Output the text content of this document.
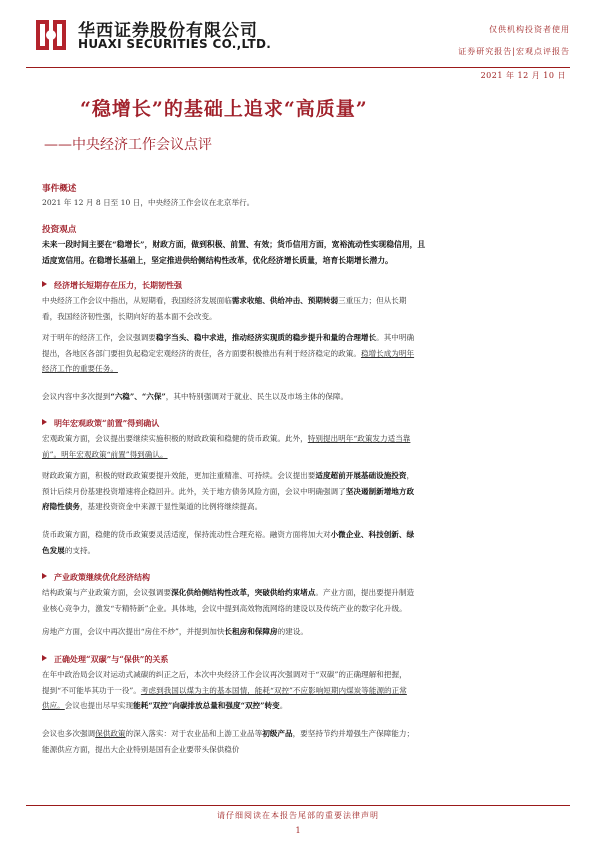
华西证券股份有限公司
HUAXI SECURITIES CO.,LTD.
仅供机构投资者使用
证券研究报告|宏观点评报告
2021 年 12 月 10 日
“稳增长”的基础上追求“高质量”
——中央经济工作会议点评
事件概述
2021 年 12 月 8 日至 10 日，中央经济工作会议在北京举行。
投资观点
未来一段时间主要在“稳增长”，财政方面，做到积极、前置、有效；货币信用方面，宽裕流动性实现稳信用，且
适度宽信用。在稳增长基础上，坚定推进供给侧结构性改革，优化经济增长质量，培育长期增长潜力。
经济增长短期存在压力，长期韧性强
中央经济工作会议中指出，从短期看，我国经济发展面临需求收缩、供给冲击、预期转弱三重压力；但从长期
看，我国经济韧性强，长期向好的基本面不会改变。
对于明年的经济工作，会议强调要稳字当头、稳中求进，推动经济实现质的稳步提升和量的合理增长。其中明确
提出，各地区各部门要担负起稳定宏观经济的责任，各方面要积极推出有利于经济稳定的政策。稳增长成为明年
经济工作的重要任务。
会议内容中多次提到“六稳”、“六保”，其中特别强调对于就业、民生以及市场主体的保障。
明年宏观政策“前置”得到确认
宏观政策方面，会议提出要继续实施积极的财政政策和稳健的货币政策。此外，特别提出明年“政策发力适当靠
前”。明年宏观政策“前置”得到确认。
财政政策方面，积极的财政政策要提升效能，更加注重精准、可持续。会议提出要适度超前开展基础设施投资，
预计后续月份基建投资增速将企稳回升。此外，关于地方债务风险方面，会议中明确强调了坚决遏制新增地方政
府隐性债务，基建投资资金中来源于显性渠道的比例将继续提高。
货币政策方面，稳健的货币政策要灵活适度，保持流动性合理充裕。融资方面将加大对小微企业、科技创新、绿
色发展的支持。
产业政策继续优化经济结构
结构政策与产业政策方面，会议强调要深化供给侧结构性改革，突破供给约束堵点。产业方面，提出要提升制造
业核心竞争力，激发“专精特新”企业。具体地，会议中提到高效物流网络的建设以及传统产业的数字化升级。
房地产方面，会议中再次提出“房住不炒”，并提到加快长租房和保障房的建设。
正确处理“双碳”与“保供”的关系
在年中政治局会议对运动式减碳的纠正之后，本次中央经济工作会议再次强调对于“双碳”的正确理解和把握，
提到“不可能毕其功于一役”。考虑到我国以煤为主的基本国情，能耗“双控”不应影响短期内煤炭等能源的正常
供应。会议也提出尽早实现能耗“双控”向碳排放总量和强度“双控”转变。
会议也多次强调保供政策的深入落实：对于农业品和上游工业品等初级产品，要坚持节约并增强生产保障能力；
能源供应方面，提出大企业特别是国有企业要带头保供稳价
请仔细阅读在本报告尾部的重要法律声明
1
